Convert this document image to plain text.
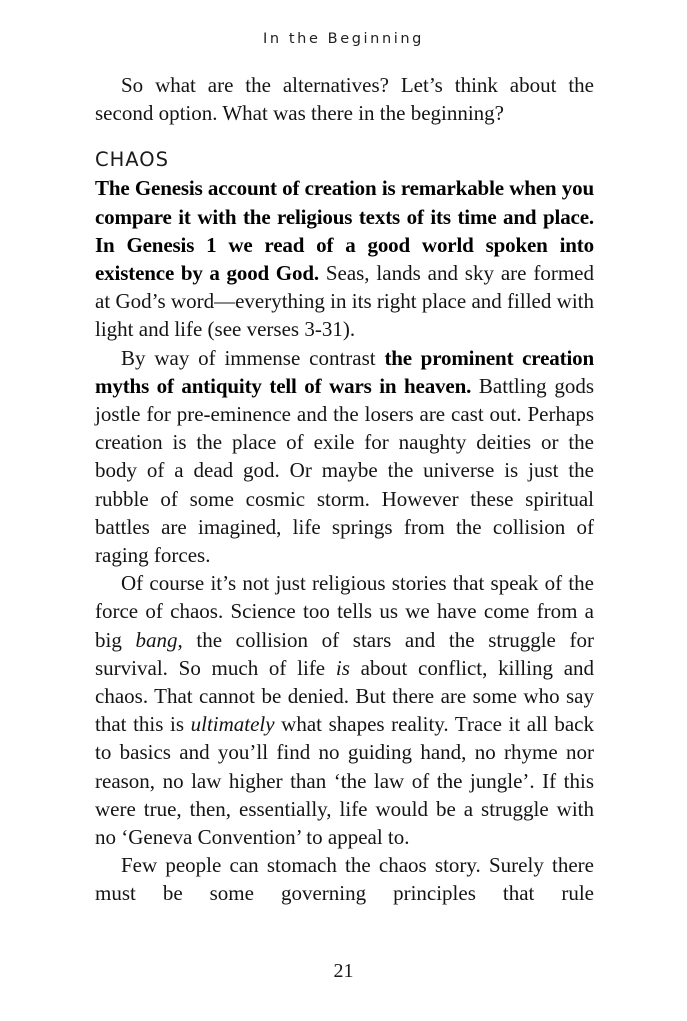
In the Beginning

So what are the alternatives? Let’s think about the second option. What was there in the beginning?

CHAOS

The Genesis account of creation is remarkable when you compare it with the religious texts of its time and place. In Genesis 1 we read of a good world spoken into existence by a good God. Seas, lands and sky are formed at God’s word—everything in its right place and filled with light and life (see verses 3-31).

By way of immense contrast the prominent creation myths of antiquity tell of wars in heaven. Battling gods jostle for pre-eminence and the losers are cast out. Perhaps creation is the place of exile for naughty deities or the body of a dead god. Or maybe the universe is just the rubble of some cosmic storm. However these spiritual battles are imagined, life springs from the collision of raging forces.

Of course it’s not just religious stories that speak of the force of chaos. Science too tells us we have come from a big bang, the collision of stars and the struggle for survival. So much of life is about conflict, killing and chaos. That cannot be denied. But there are some who say that this is ultimately what shapes reality. Trace it all back to basics and you’ll find no guiding hand, no rhyme nor reason, no law higher than ‘the law of the jungle’. If this were true, then, essentially, life would be a struggle with no ‘Geneva Convention’ to appeal to.

Few people can stomach the chaos story. Surely there must be some governing principles that rule

21
